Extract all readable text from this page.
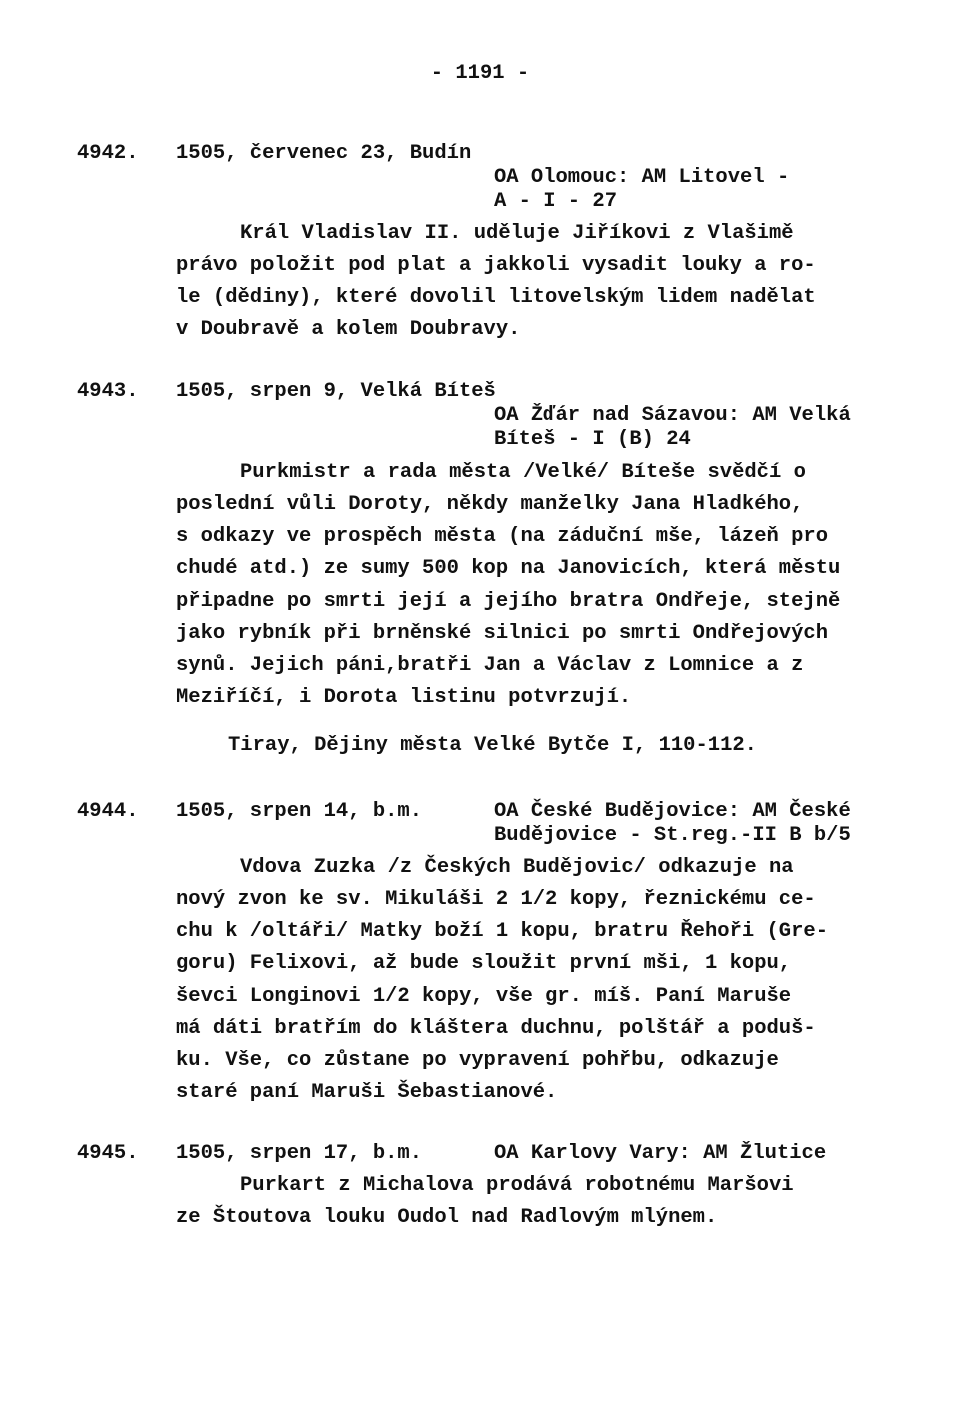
- 1191 -
4942. 1505, červenec 23, Budín
OA Olomouc: AM Litovel -
A - I - 27
Král Vladislav II. uděluje Jiříkovi z Vlašimě
právo položit pod plat a jakkoli vysadit louky a ro-
le (dědiny), které dovolil litovelským lidem nadělat
v Doubravě a kolem Doubravy.
4943. 1505, srpen 9, Velká Bíteš
OA Žďár nad Sázavou: AM Velká
Bíteš - I (B) 24
Purkmistr a rada města /Velké/ Bíteše svědčí o
poslední vůli Doroty, někdy manželky Jana Hladkého,
s odkazy ve prospěch města (na záduční mše, lázeň pro
chudé atd.) ze sumy 500 kop na Janovicích, která městu
připadne po smrti její a jejího bratra Ondřeje, stejně
jako rybník při brněnské silnici po smrti Ondřejových
synů. Jejich páni,bratři Jan a Václav z Lomnice a z
Meziříčí, i Dorota listinu potvrzují.
Tiray, Dějiny města Velké Bytče I, 110-112.
4944. 1505, srpen 14, b.m.	OA České Budějovice: AM České
Budějovice - St.reg.-II B b/5
Vdova Zuzka /z Českých Budějovic/ odkazuje na
nový zvon ke sv. Mikuláši 2 1/2 kopy, řeznickému ce-
chu k /oltáři/ Matky boží 1 kopu, bratru Řehoři (Gre-
goru) Felixovi, až bude sloužit první mši, 1 kopu,
ševci Longinovi 1/2 kopy, vše gr. míš. Paní Maruše
má dáti bratřím do kláštera duchnu, polštář a poduš-
ku. Vše, co zůstane po vypravení pohřbu, odkazuje
staré paní Maruši Šebastianové.
4945. 1505, srpen 17, b.m.	OA Karlovy Vary: AM Žlutice
Purkart z Michalova prodává robotnému Maršovi
ze Štoutova louku Oudol nad Radlovým mlýnem.
